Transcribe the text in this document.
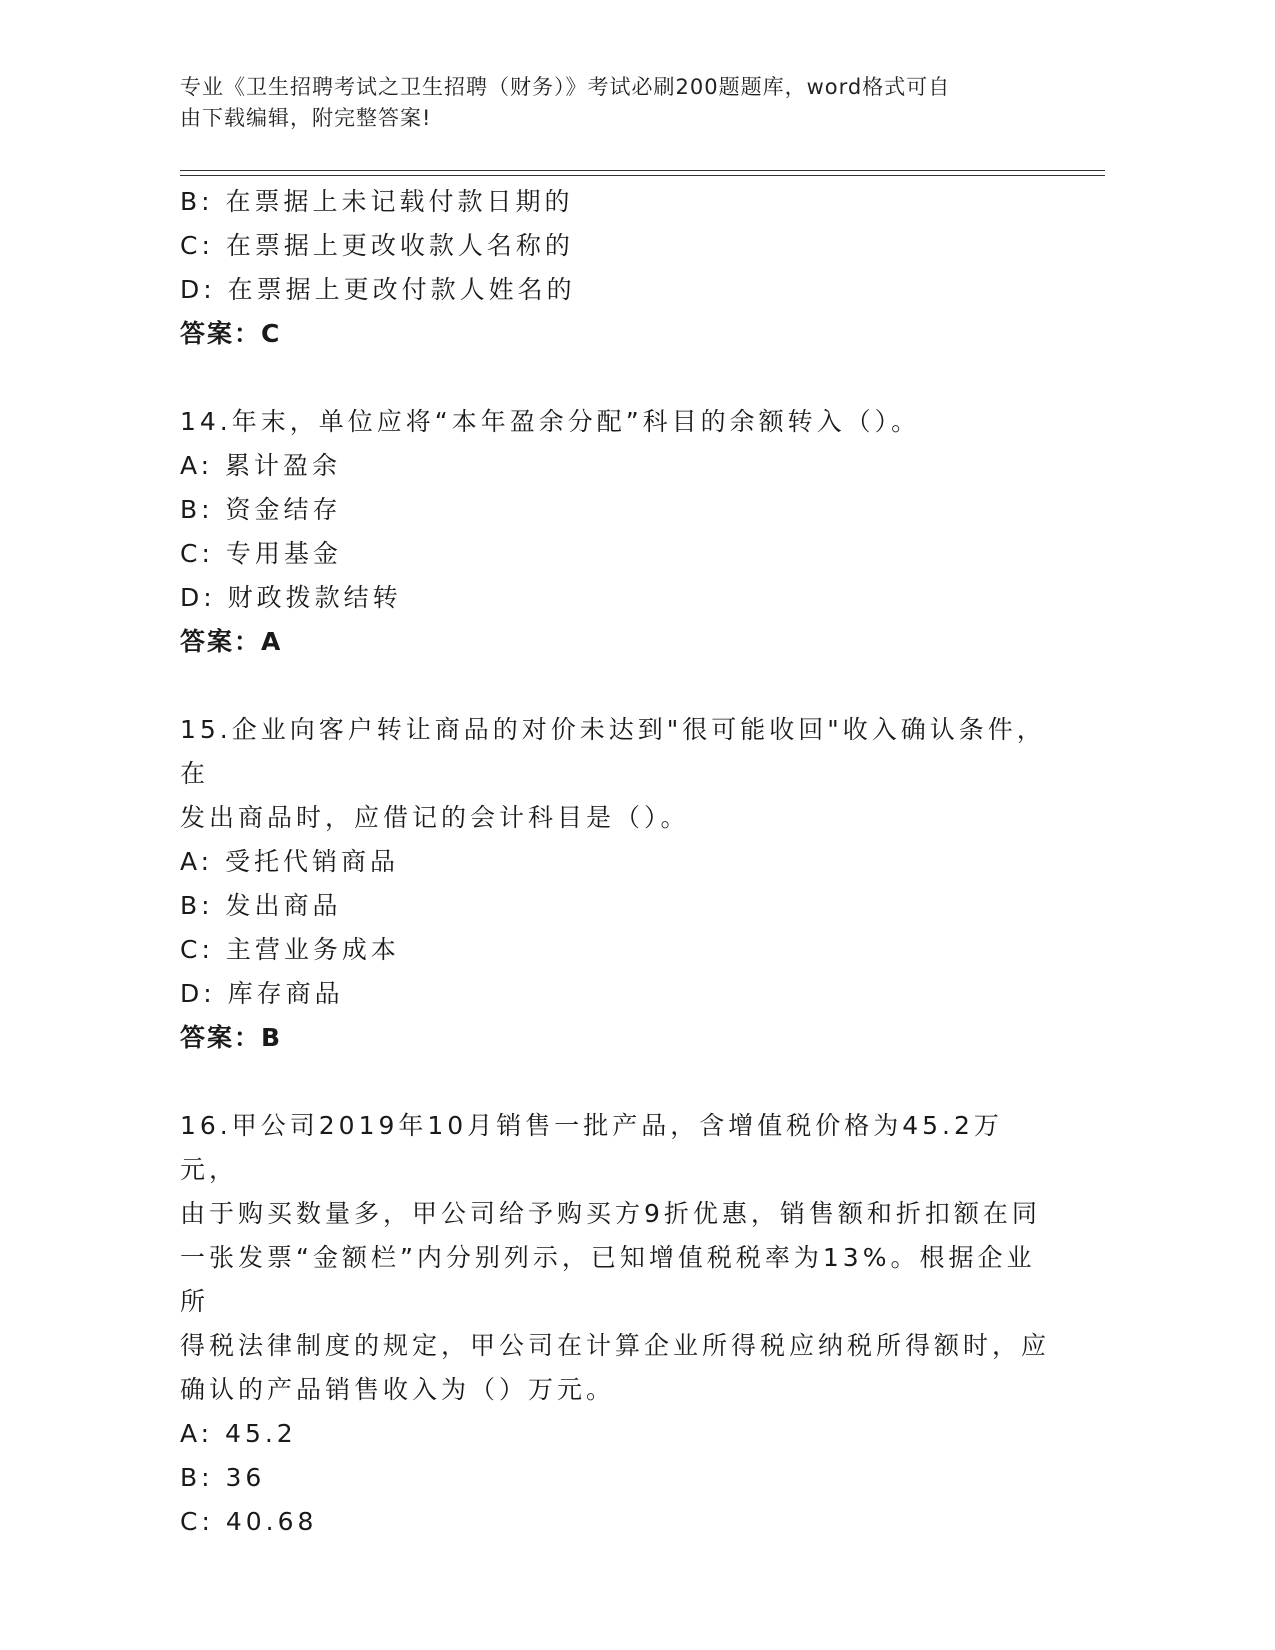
专业《卫生招聘考试之卫生招聘（财务）》考试必刷200题题库，word格式可自
由下载编辑，附完整答案!
B: 在票据上未记载付款日期的
C: 在票据上更改收款人名称的
D: 在票据上更改付款人姓名的
答案：C
14.年末，单位应将“本年盈余分配”科目的余额转入（）。
A: 累计盈余
B: 资金结存
C: 专用基金
D: 财政拨款结转
答案：A
15.企业向客户转让商品的对价未达到"很可能收回"收入确认条件，在
发出商品时，应借记的会计科目是（）。
A: 受托代销商品
B: 发出商品
C: 主营业务成本
D: 库存商品
答案：B
16.甲公司2019年10月销售一批产品，含增值税价格为45.2万元，
由于购买数量多，甲公司给予购买方9折优惠，销售额和折扣额在同
一张发票“金额栏”内分别列示，已知增值税税率为13%。根据企业所
得税法律制度的规定，甲公司在计算企业所得税应纳税所得额时，应
确认的产品销售收入为（）万元。
A: 45.2
B: 36
C: 40.68
